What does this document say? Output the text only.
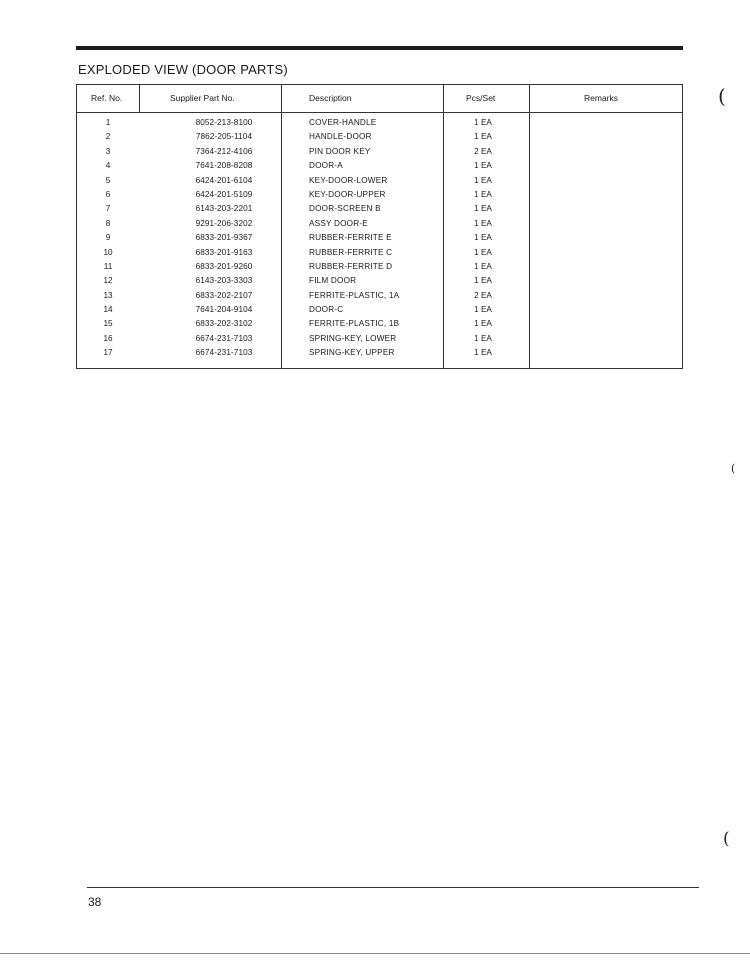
EXPLODED VIEW (DOOR PARTS)
Ref. No.	Supplier Part No.	Description	Pcs/Set	Remarks
1	8052-213-8100	COVER-HANDLE	1 EA
2	7862-205-1104	HANDLE-DOOR	1 EA
3	7364-212-4106	PIN DOOR KEY	2 EA
4	7641-208-8208	DOOR-A	1 EA
5	6424-201-6104	KEY-DOOR-LOWER	1 EA
6	6424-201-5109	KEY-DOOR-UPPER	1 EA
7	6143-203-2201	DOOR-SCREEN B	1 EA
8	9291-206-3202	ASSY DOOR-E	1 EA
9	6833-201-9367	RUBBER-FERRITE E	1 EA
10	6833-201-9163	RUBBER-FERRITE C	1 EA
11	6833-201-9260	RUBBER-FERRITE D	1 EA
12	6143-203-3303	FILM DOOR	1 EA
13	6833-202-2107	FERRITE-PLASTIC, 1A	2 EA
14	7641-204-9104	DOOR-C	1 EA
15	6833-202-3102	FERRITE-PLASTIC, 1B	1 EA
16	6674-231-7103	SPRING-KEY, LOWER	1 EA
17	6674-231-7103	SPRING-KEY, UPPER	1 EA
38
(
(
(
